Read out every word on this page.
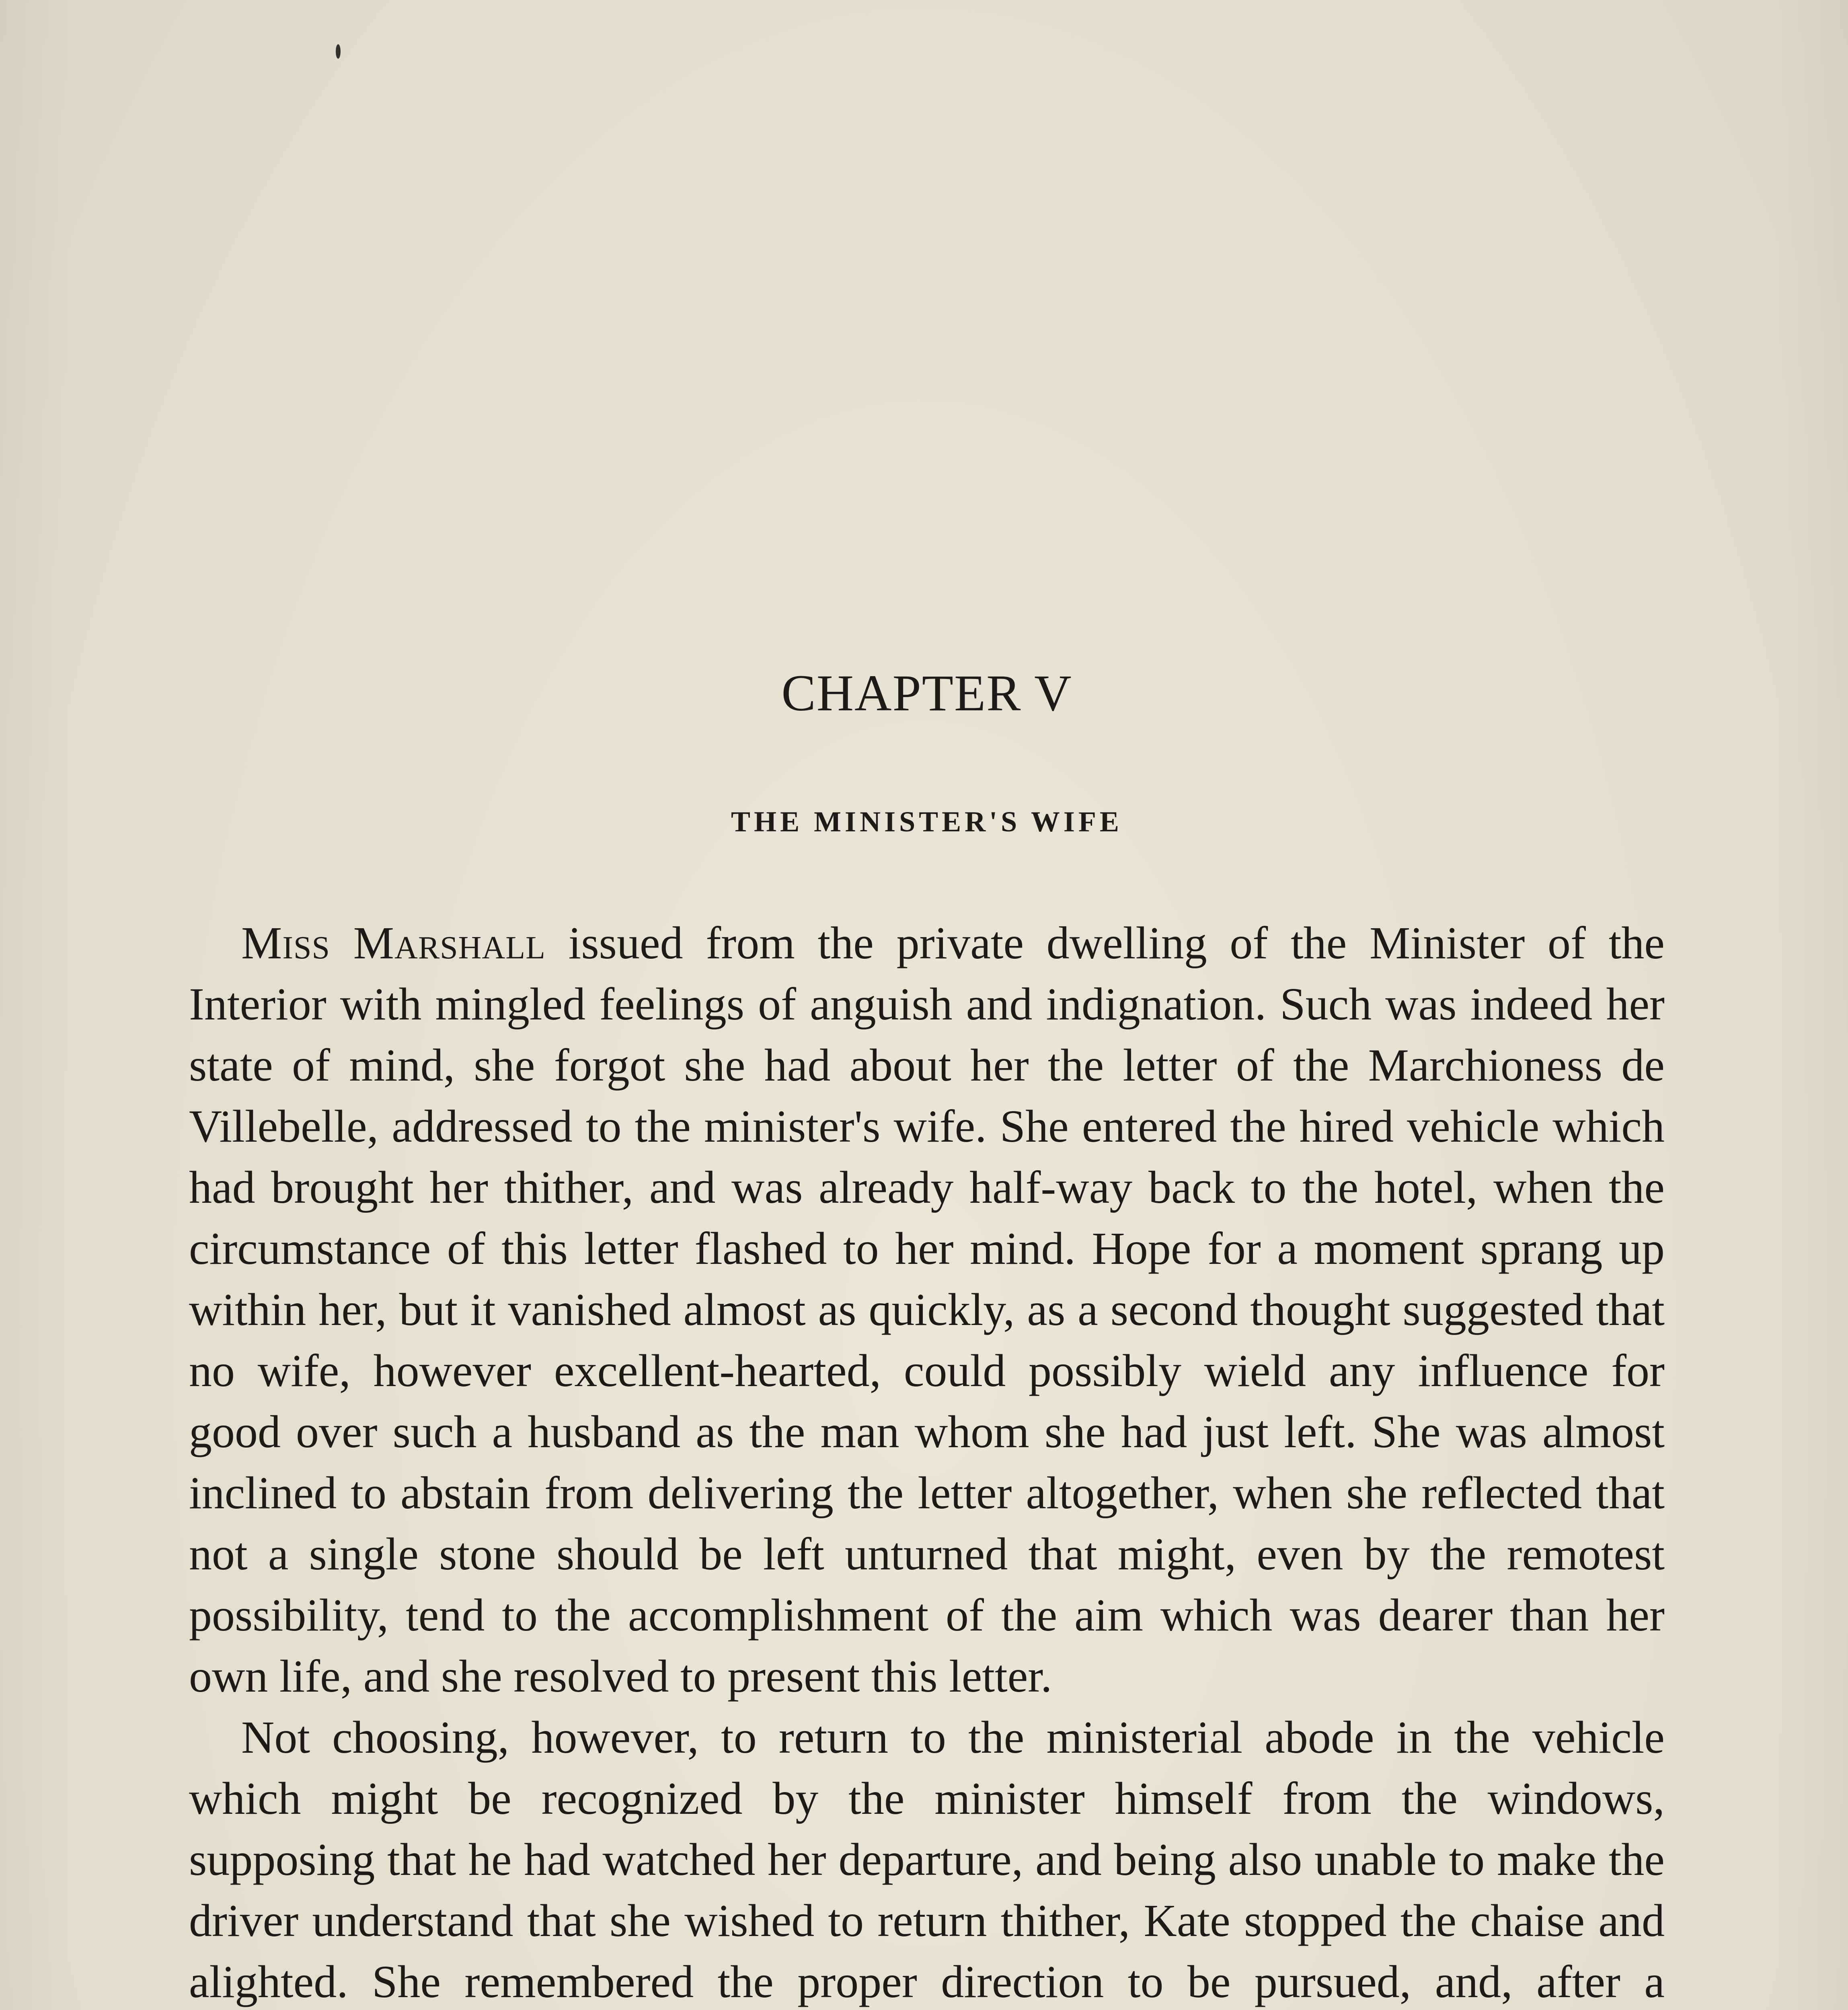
CHAPTER V
THE MINISTER'S WIFE

Miss Marshall issued from the private dwelling of the Minister of the Interior with mingled feelings of anguish and indignation. Such was indeed her state of mind, she forgot she had about her the letter of the Marchioness de Villebelle, addressed to the minister's wife. She entered the hired vehicle which had brought her thither, and was already half-way back to the hotel, when the circumstance of this letter flashed to her mind. Hope for a moment sprang up within her, but it vanished almost as quickly, as a second thought suggested that no wife, however excellent-hearted, could possibly wield any influence for good over such a husband as the man whom she had just left. She was almost inclined to abstain from delivering the letter altogether, when she reflected that not a single stone should be left unturned that might, even by the remotest possibility, tend to the accomplishment of the aim which was dearer than her own life, and she resolved to present this letter.

Not choosing, however, to return to the ministerial abode in the vehicle which might be recognized by the minister himself from the windows, supposing that he had watched her departure, and being also unable to make the driver understand that she wished to return thither, Kate stopped the chaise and alighted. She remembered the proper direction to be pursued, and, after a
